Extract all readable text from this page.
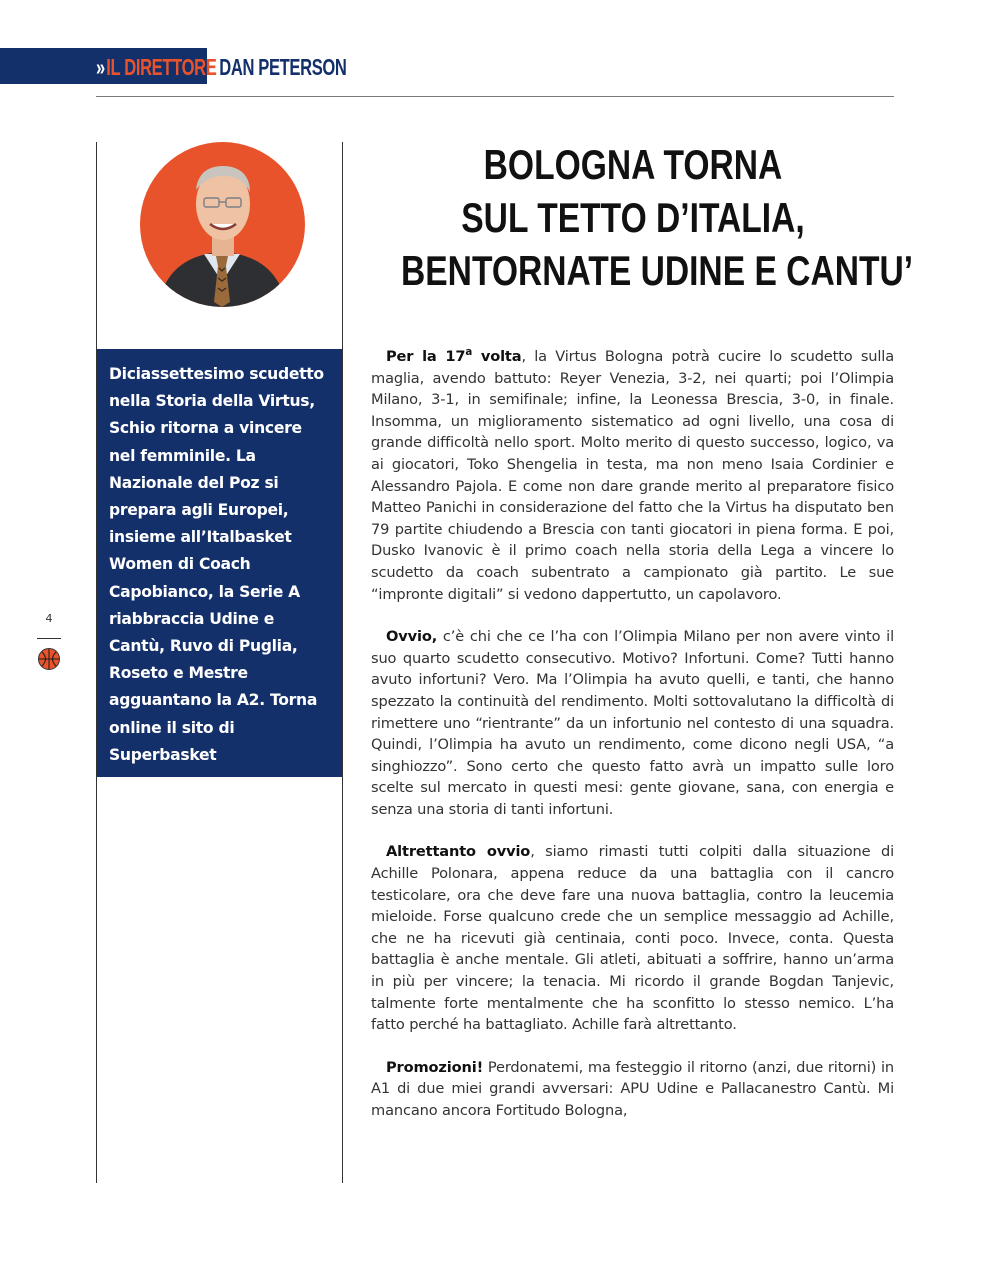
» IL DIRETTORE DAN PETERSON
Diciassettesimo scudetto nella Storia della Virtus, Schio ritorna a vincere nel femminile. La Nazionale del Poz si prepara agli Europei, insieme all’Italbasket Women di Coach Capobianco, la Serie A riabbraccia Udine e Cantù, Ruvo di Puglia, Roseto e Mestre agguantano la A2. Torna online il sito di Superbasket
4
BOLOGNA TORNA
SUL TETTO D’ITALIA,
BENTORNATE UDINE E CANTU’

Per la 17$^a$ volta, la Virtus Bologna potrà cucire lo scudetto sulla maglia, avendo battuto: Reyer Venezia, 3-2, nei quarti; poi l’Olimpia Milano, 3-1, in semifinale; infine, la Leonessa Brescia, 3-0, in finale. Insomma, un miglioramento sistematico ad ogni livello, una cosa di grande difficoltà nello sport. Molto merito di questo successo, logico, va ai giocatori, Toko Shengelia in testa, ma non meno Isaia Cordinier e Alessandro Pajola. E come non dare grande merito al preparatore fisico Matteo Panichi in considerazione del fatto che la Virtus ha disputato ben 79 partite chiudendo a Brescia con tanti giocatori in piena forma. E poi, Dusko Ivanovic è il primo coach nella storia della Lega a vincere lo scudetto da coach subentrato a campionato già partito. Le sue “impronte digitali” si vedono dappertutto, un capolavoro.

Ovvio, c’è chi che ce l’ha con l’Olimpia Milano per non avere vinto il suo quarto scudetto consecutivo. Motivo? Infortuni. Come? Tutti hanno avuto infortuni? Vero. Ma l’Olimpia ha avuto quelli, e tanti, che hanno spezzato la continuità del rendimento. Molti sottovalutano la difficoltà di rimettere uno “rientrante” da un infortunio nel contesto di una squadra. Quindi, l’Olimpia ha avuto un rendimento, come dicono negli USA, “a singhiozzo”. Sono certo che questo fatto avrà un impatto sulle loro scelte sul mercato in questi mesi: gente giovane, sana, con energia e senza una storia di tanti infortuni.

Altrettanto ovvio, siamo rimasti tutti colpiti dalla situazione di Achille Polonara, appena reduce da una battaglia con il cancro testicolare, ora che deve fare una nuova battaglia, contro la leucemia mieloide. Forse qualcuno crede che un semplice messaggio ad Achille, che ne ha ricevuti già centinaia, conti poco. Invece, conta. Questa battaglia è anche mentale. Gli atleti, abituati a soffrire, hanno un’arma in più per vincere; la tenacia. Mi ricordo il grande Bogdan Tanjevic, talmente forte mentalmente che ha sconfitto lo stesso nemico. L’ha fatto perché ha battagliato. Achille farà altrettanto.

Promozioni! Perdonatemi, ma festeggio il ritorno (anzi, due ritorni) in A1 di due miei grandi avversari: APU Udine e Pallacanestro Cantù. Mi mancano ancora Fortitudo Bologna,
